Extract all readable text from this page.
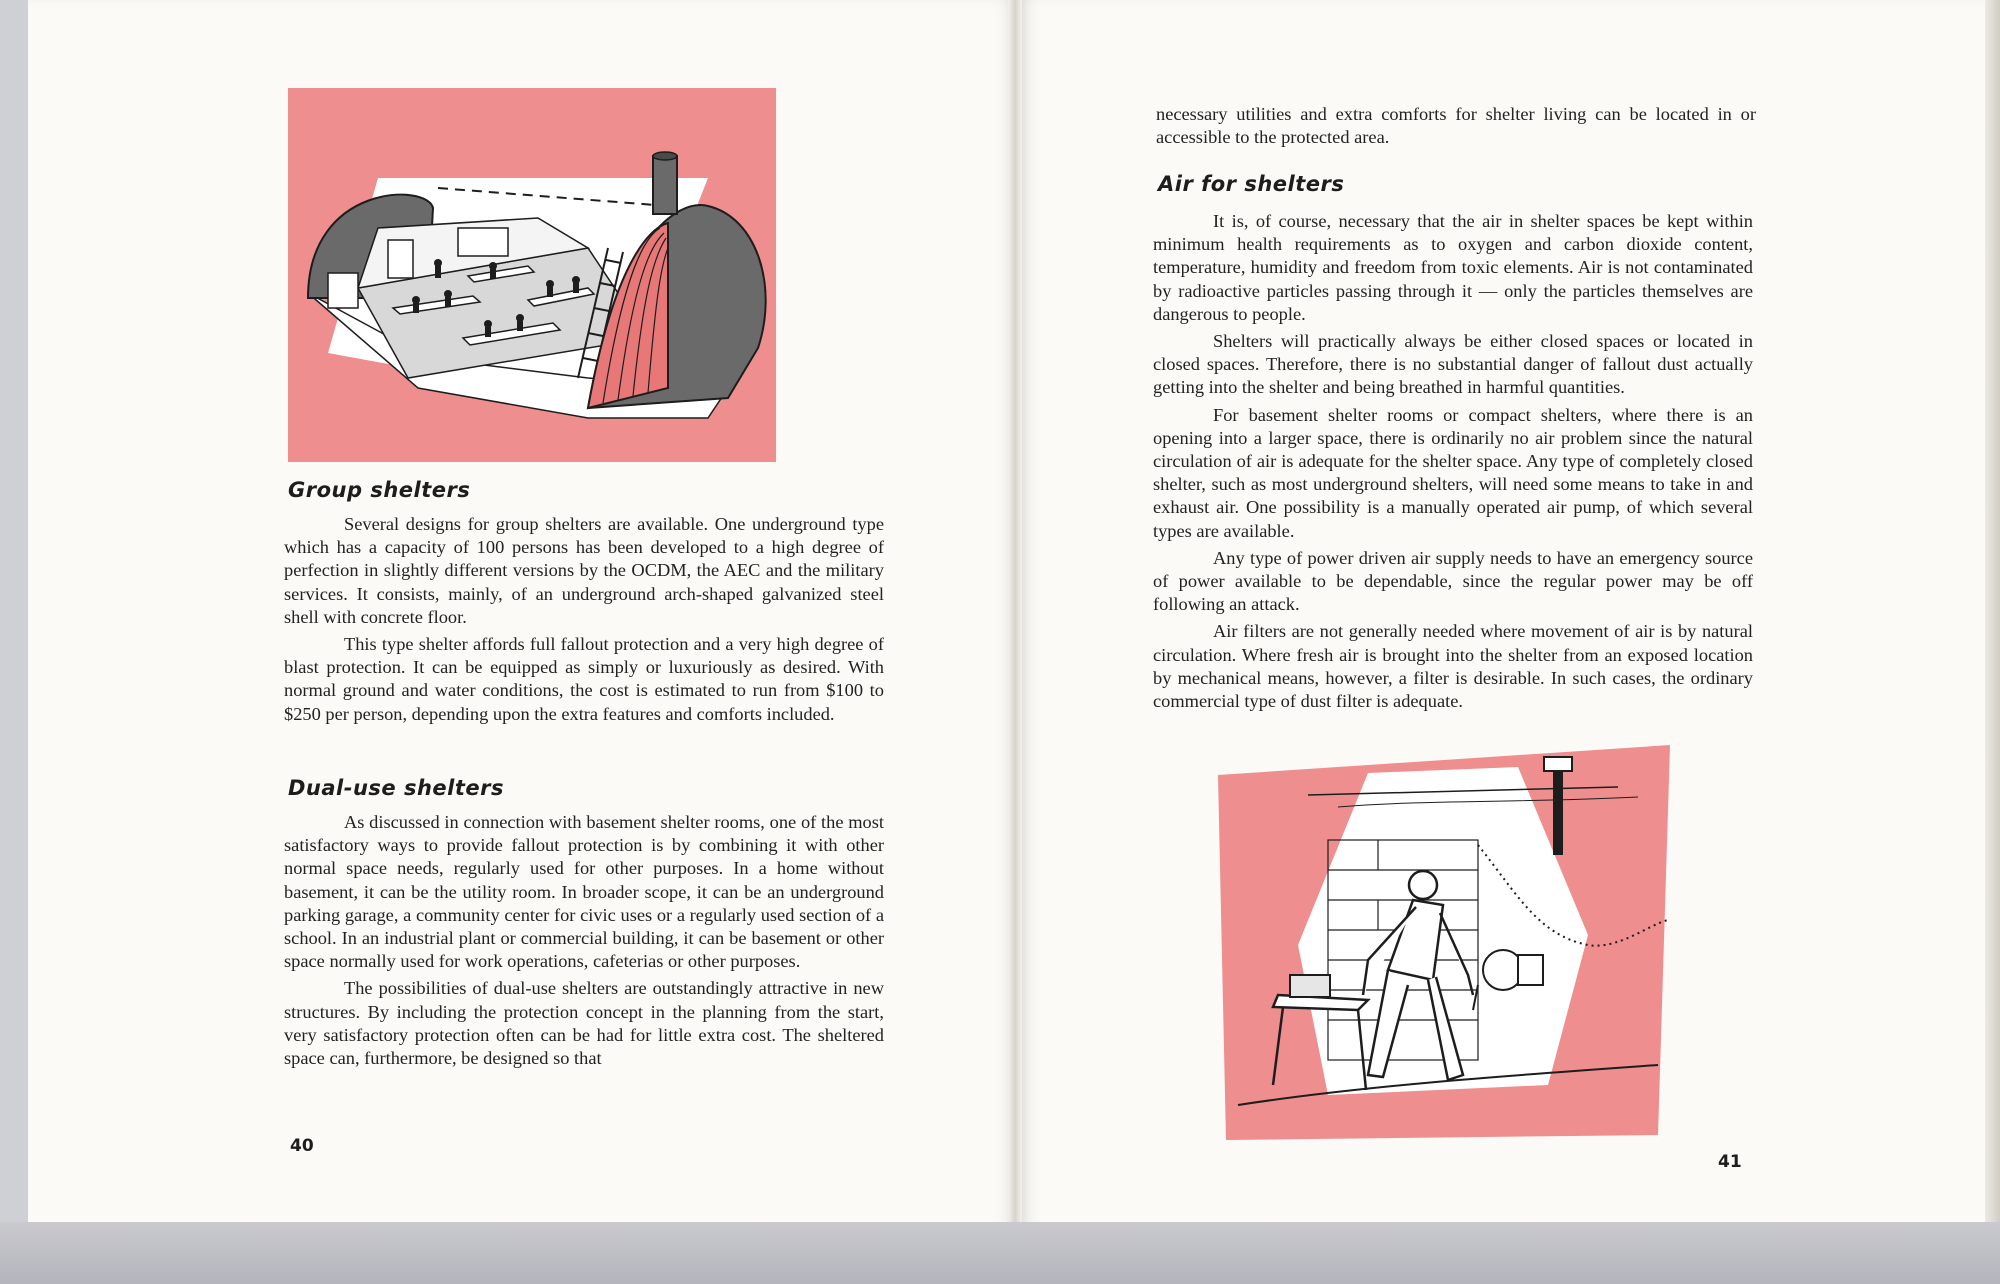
Group shelters

Several designs for group shelters are available. One underground type which has a capacity of 100 persons has been developed to a high degree of perfection in slightly different versions by the OCDM, the AEC and the military services. It consists, mainly, of an underground arch-shaped galvanized steel shell with concrete floor.

This type shelter affords full fallout protection and a very high degree of blast protection. It can be equipped as simply or luxuriously as desired. With normal ground and water conditions, the cost is estimated to run from $100 to $250 per person, depending upon the extra features and comforts included.

Dual-use shelters

As discussed in connection with basement shelter rooms, one of the most satisfactory ways to provide fallout protection is by combining it with other normal space needs, regularly used for other purposes. In a home without basement, it can be the utility room. In broader scope, it can be an underground parking garage, a community center for civic uses or a regularly used section of a school. In an industrial plant or commercial building, it can be basement or other space normally used for work operations, cafeterias or other purposes.

The possibilities of dual-use shelters are outstandingly attractive in new structures. By including the protection concept in the planning from the start, very satisfactory protection often can be had for little extra cost. The sheltered space can, furthermore, be designed so that

40

necessary utilities and extra comforts for shelter living can be located in or accessible to the protected area.

Air for shelters

It is, of course, necessary that the air in shelter spaces be kept within minimum health requirements as to oxygen and carbon dioxide content, temperature, humidity and freedom from toxic elements. Air is not contaminated by radioactive particles passing through it — only the particles themselves are dangerous to people.

Shelters will practically always be either closed spaces or located in closed spaces. Therefore, there is no substantial danger of fallout dust actually getting into the shelter and being breathed in harmful quantities.

For basement shelter rooms or compact shelters, where there is an opening into a larger space, there is ordinarily no air problem since the natural circulation of air is adequate for the shelter space. Any type of completely closed shelter, such as most underground shelters, will need some means to take in and exhaust air. One possibility is a manually operated air pump, of which several types are available.

Any type of power driven air supply needs to have an emergency source of power available to be dependable, since the regular power may be off following an attack.

Air filters are not generally needed where movement of air is by natural circulation. Where fresh air is brought into the shelter from an exposed location by mechanical means, however, a filter is desirable. In such cases, the ordinary commercial type of dust filter is adequate.

41
